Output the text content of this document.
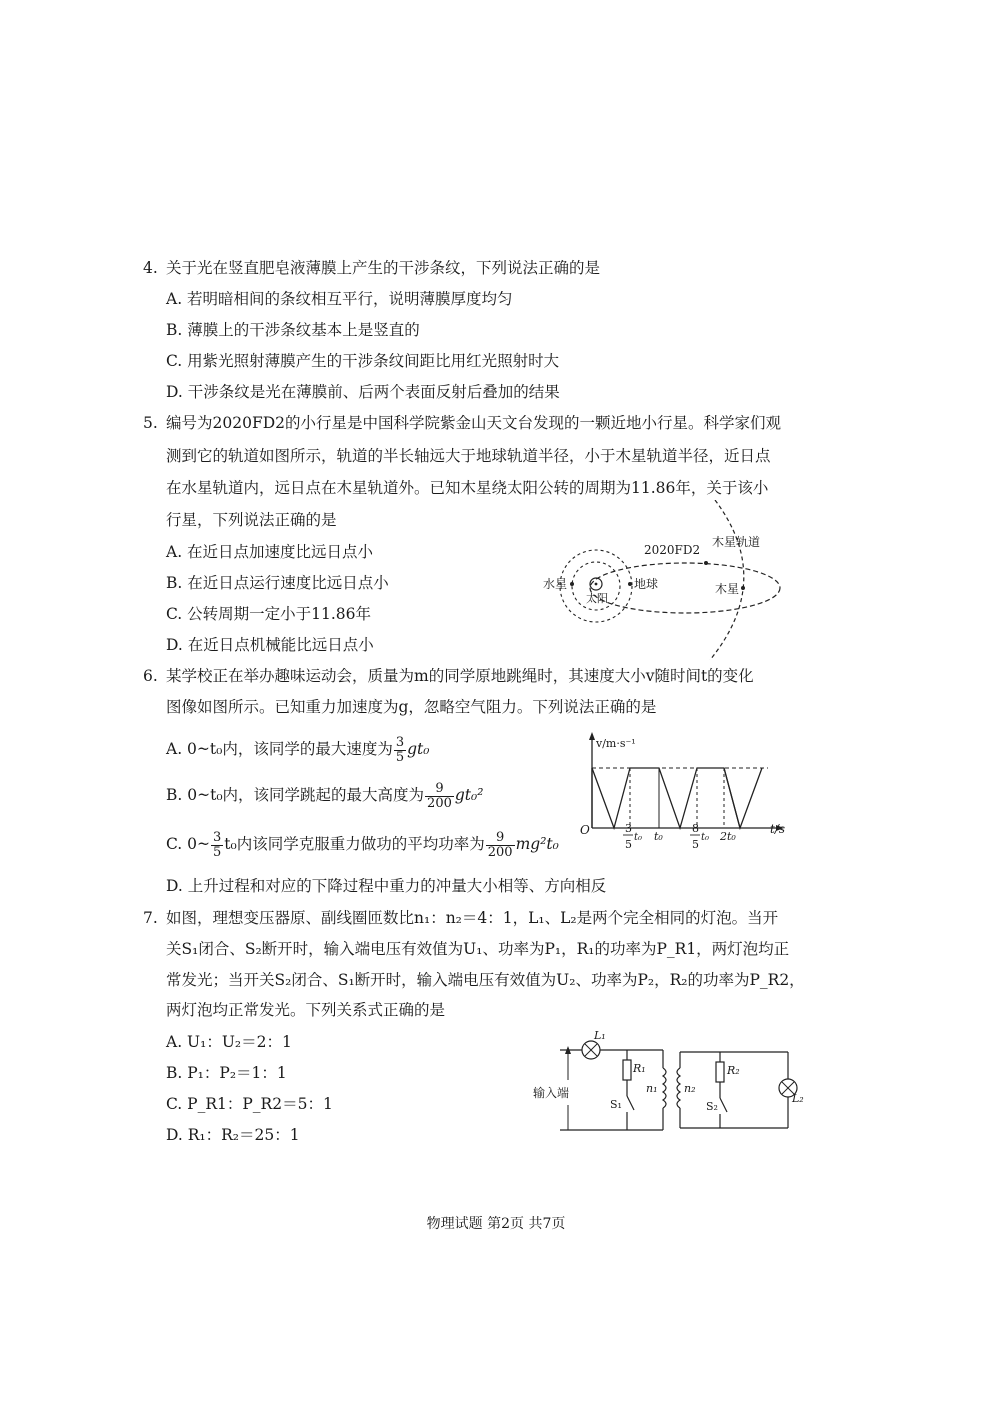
4. 关于光在竖直肥皂液薄膜上产生的干涉条纹，下列说法正确的是
A. 若明暗相间的条纹相互平行，说明薄膜厚度均匀
B. 薄膜上的干涉条纹基本上是竖直的
C. 用紫光照射薄膜产生的干涉条纹间距比用红光照射时大
D. 干涉条纹是光在薄膜前、后两个表面反射后叠加的结果
5. 编号为2020FD2的小行星是中国科学院紫金山天文台发现的一颗近地小行星。科学家们观
测到它的轨道如图所示，轨道的半长轴远大于地球轨道半径，小于木星轨道半径，近日点
在水星轨道内，远日点在木星轨道外。已知木星绕太阳公转的周期为11.86年，关于该小
行星，下列说法正确的是
A. 在近日点加速度比远日点小
B. 在近日点运行速度比远日点小
C. 公转周期一定小于11.86年
D. 在近日点机械能比远日点小
2020FD2
木星轨道
水星
太阳
地球	木星
6. 某学校正在举办趣味运动会，质量为m的同学原地跳绳时，其速度大小v随时间t的变化
图像如图所示。已知重力加速度为g，忽略空气阻力。下列说法正确的是
A. 0~t₀内，该同学的最大速度为 $\frac{3}{5} gt_0$
B. 0~t₀内，该同学跳起的最大高度为 $\frac{9}{200} gt_0^2$
C. 0~ $\frac{3}{5} t_0$内该同学克服重力做功的平均功率为 $\frac{9}{200} mg^2t_0$
D. 上升过程和对应的下降过程中重力的冲量大小相等、方向相反
v/m·s⁻¹
t/s
O	3
5
t₀ t₀
8
5
t₀ 2t₀
7. 如图，理想变压器原、副线圈匝数比n₁：n₂＝4：1，L₁、L₂是两个完全相同的灯泡。当开
关S₁闭合、S₂断开时，输入端电压有效值为U₁、功率为P₁，R₁的功率为P_R1，两灯泡均正
常发光；当开关S₂闭合、S₁断开时，输入端电压有效值为U₂、功率为P₂，R₂的功率为P_R2，
两灯泡均正常发光。下列关系式正确的是
A. U₁：U₂＝2：1
B. P₁：P₂＝1：1
C. P_R1：P_R2＝5：1
D. R₁：R₂＝25：1
输入端
L₁
R₁
S₁
n₁ n₂
R₂
S₂
L₂
物理试题 第2页 共7页
